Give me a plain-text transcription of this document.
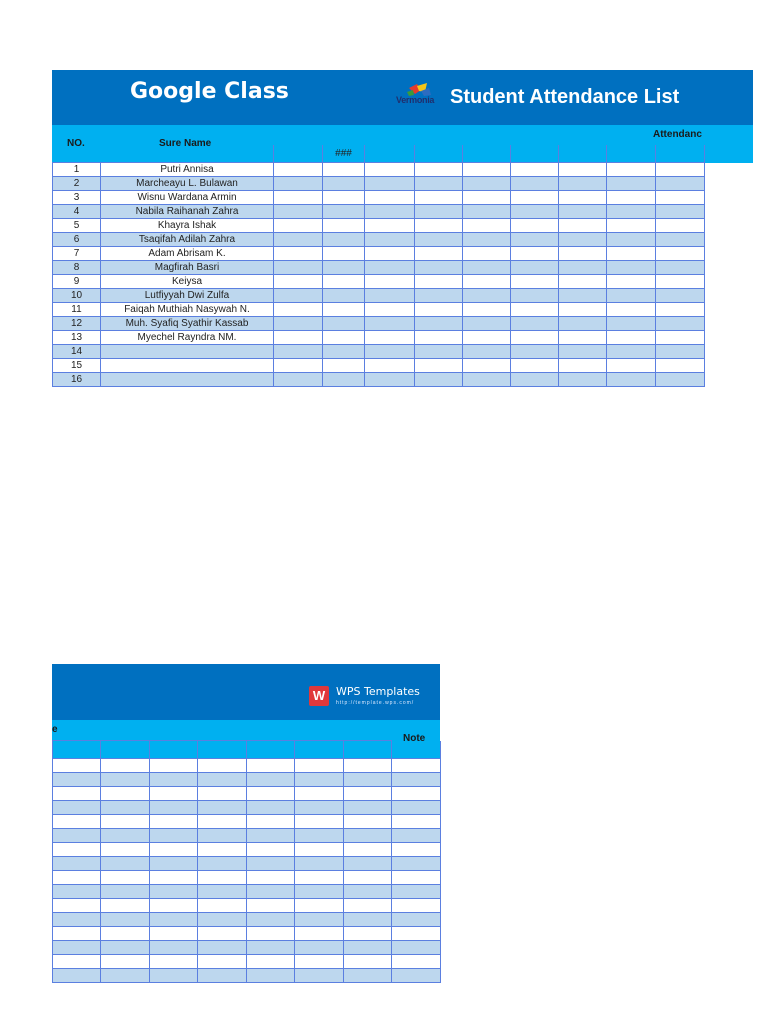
Google Class	Vermonia Student Attendance List
NO.	Sure Name
Attendanc
			###							
1	Putri Annisa									
2	Marcheayu L. Bulawan									
3	Wisnu Wardana Armin									
4	Nabila Raihanah Zahra									
5	Khayra Ishak									
6	Tsaqifah Adilah Zahra									
7	Adam Abrisam K.									
8	Magfirah Basri									
9	Keiysa									
10	Lutfiyyah Dwi Zulfa									
11	Faiqah Muthiah Nasywah N.									
12	Muh. Syafiq Syathir Kassab									
13	Myechel Rayndra NM.									
14										
15										
16										
W WPS Templates
http://template.wps.com/
e
Note
